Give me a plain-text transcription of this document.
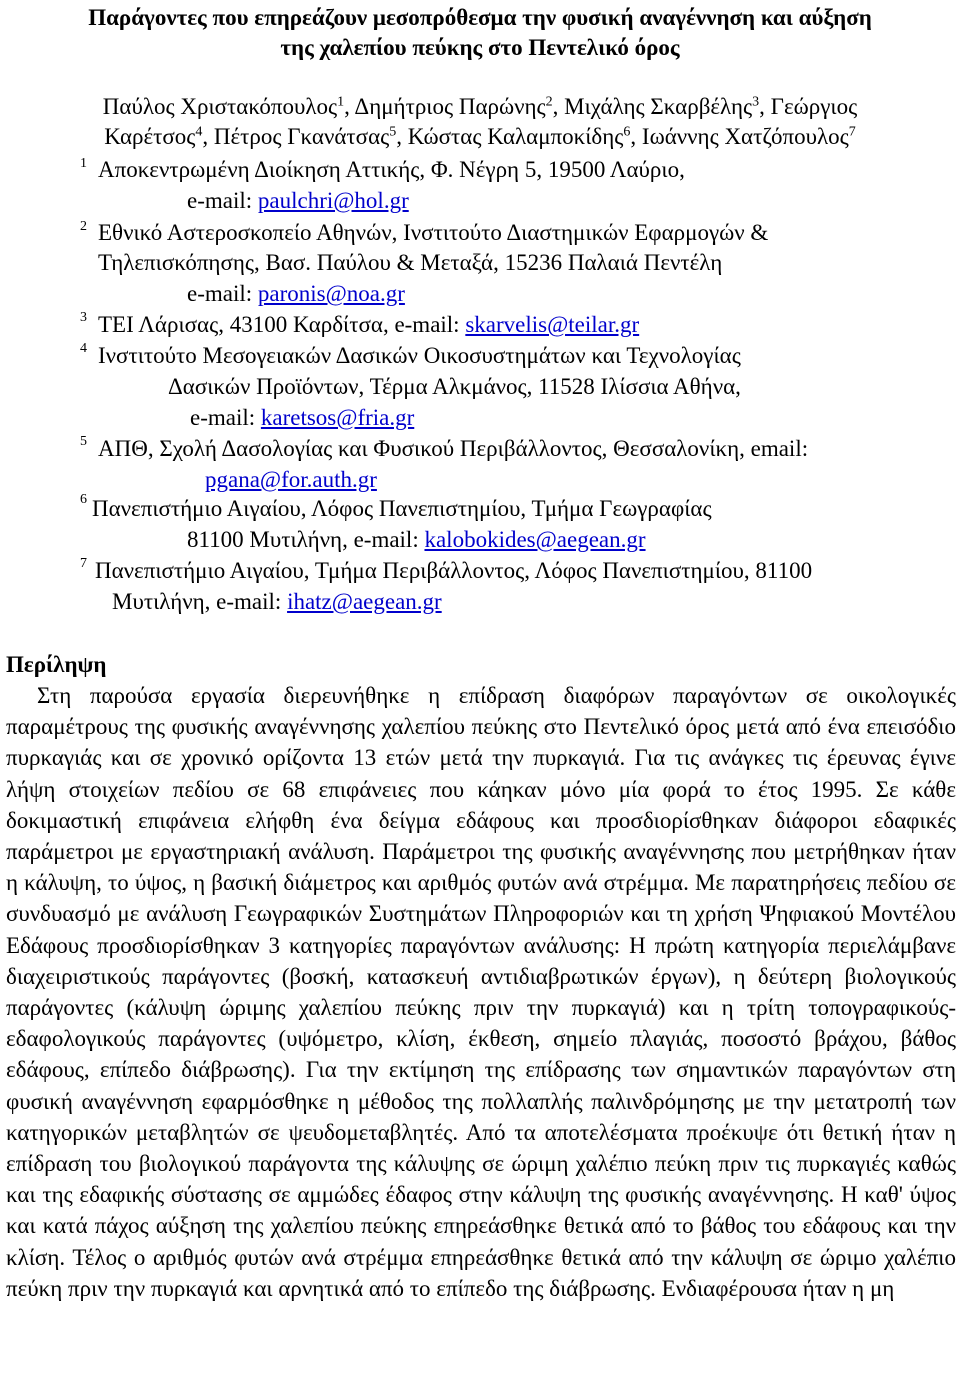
Παράγοντες που επηρεάζουν μεσοπρόθεσμα την φυσική αναγέννηση και αύξηση
της χαλεπίου πεύκης στο Πεντελικό όρος
Παύλος Χριστακόπουλος$^1$, Δημήτριος Παρώνης$^2$, Μιχάλης Σκαρβέλης$^3$, Γεώργιος
Καρέτσος$^4$, Πέτρος Γκανάτσας$^5$, Κώστας Καλαμποκίδης$^6$, Ιωάννης Χατζόπουλος$^7$
1 Αποκεντρωμένη Διοίκηση Αττικής, Φ. Νέγρη 5, 19500 Λαύριο,
e-mail: paulchri@hol.gr
2 Εθνικό Αστεροσκοπείο Αθηνών, Ινστιτούτο Διαστημικών Εφαρμογών &
Τηλεπισκόπησης, Βασ. Παύλου & Μεταξά, 15236 Παλαιά Πεντέλη
e-mail: paronis@noa.gr
3 ΤΕΙ Λάρισας, 43100 Καρδίτσα, e-mail: skarvelis@teilar.gr
4 Ινστιτούτο Μεσογειακών Δασικών Οικοσυστημάτων και Τεχνολογίας
Δασικών Προϊόντων, Τέρμα Αλκμάνος, 11528 Ιλίσσια Αθήνα,
e-mail: karetsos@fria.gr
5 ΑΠΘ, Σχολή Δασολογίας και Φυσικού Περιβάλλοντος, Θεσσαλονίκη, email:
pgana@for.auth.gr
6 Πανεπιστήμιο Αιγαίου, Λόφος Πανεπιστημίου, Τμήμα Γεωγραφίας
81100 Μυτιλήνη, e-mail: kalobokides@aegean.gr
7 Πανεπιστήμιο Αιγαίου, Τμήμα Περιβάλλοντος, Λόφος Πανεπιστημίου, 81100
Μυτιλήνη, e-mail: ihatz@aegean.gr
Περίληψη

Στη παρούσα εργασία διερευνήθηκε η επίδραση διαφόρων παραγόντων σε οικολογικές παραμέτρους της φυσικής αναγέννησης χαλεπίου πεύκης στο Πεντελικό όρος μετά από ένα επεισόδιο πυρκαγιάς και σε χρονικό ορίζοντα 13 ετών μετά την πυρκαγιά. Για τις ανάγκες τις έρευνας έγινε λήψη στοιχείων πεδίου σε 68 επιφάνειες που κάηκαν μόνο μία φορά το έτος 1995. Σε κάθε δοκιμαστική επιφάνεια ελήφθη ένα δείγμα εδάφους και προσδιορίσθηκαν διάφοροι εδαφικές παράμετροι με εργαστηριακή ανάλυση. Παράμετροι της φυσικής αναγέννησης που μετρήθηκαν ήταν η κάλυψη, το ύψος, η βασική διάμετρος και αριθμός φυτών ανά στρέμμα. Με παρατηρήσεις πεδίου σε συνδυασμό με ανάλυση Γεωγραφικών Συστημάτων Πληροφοριών και τη χρήση Ψηφιακού Μοντέλου Εδάφους προσδιορίσθηκαν 3 κατηγορίες παραγόντων ανάλυσης: Η πρώτη κατηγορία περιελάμβανε διαχειριστικούς παράγοντες (βοσκή, κατασκευή αντιδιαβρωτικών έργων), η δεύτερη βιολογικούς παράγοντες (κάλυψη ώριμης χαλεπίου πεύκης πριν την πυρκαγιά) και η τρίτη τοπογραφικούς-εδαφολογικούς παράγοντες (υψόμετρο, κλίση, έκθεση, σημείο πλαγιάς, ποσοστό βράχου, βάθος εδάφους, επίπεδο διάβρωσης). Για την εκτίμηση της επίδρασης των σημαντικών παραγόντων στη φυσική αναγέννηση εφαρμόσθηκε η μέθοδος της πολλαπλής παλινδρόμησης με την μετατροπή των κατηγορικών μεταβλητών σε ψευδομεταβλητές. Από τα αποτελέσματα προέκυψε ότι θετική ήταν η επίδραση του βιολογικού παράγοντα της κάλυψης σε ώριμη χαλέπιο πεύκη πριν τις πυρκαγιές καθώς και της εδαφικής σύστασης σε αμμώδες έδαφος στην κάλυψη της φυσικής αναγέννησης. Η καθ' ύψος και κατά πάχος αύξηση της χαλεπίου πεύκης επηρεάσθηκε θετικά από το βάθος του εδάφους και την κλίση. Τέλος ο αριθμός φυτών ανά στρέμμα επηρεάσθηκε θετικά από την κάλυψη σε ώριμο χαλέπιο πεύκη πριν την πυρκαγιά και αρνητικά από το επίπεδο της διάβρωσης. Ενδιαφέρουσα ήταν η μη
